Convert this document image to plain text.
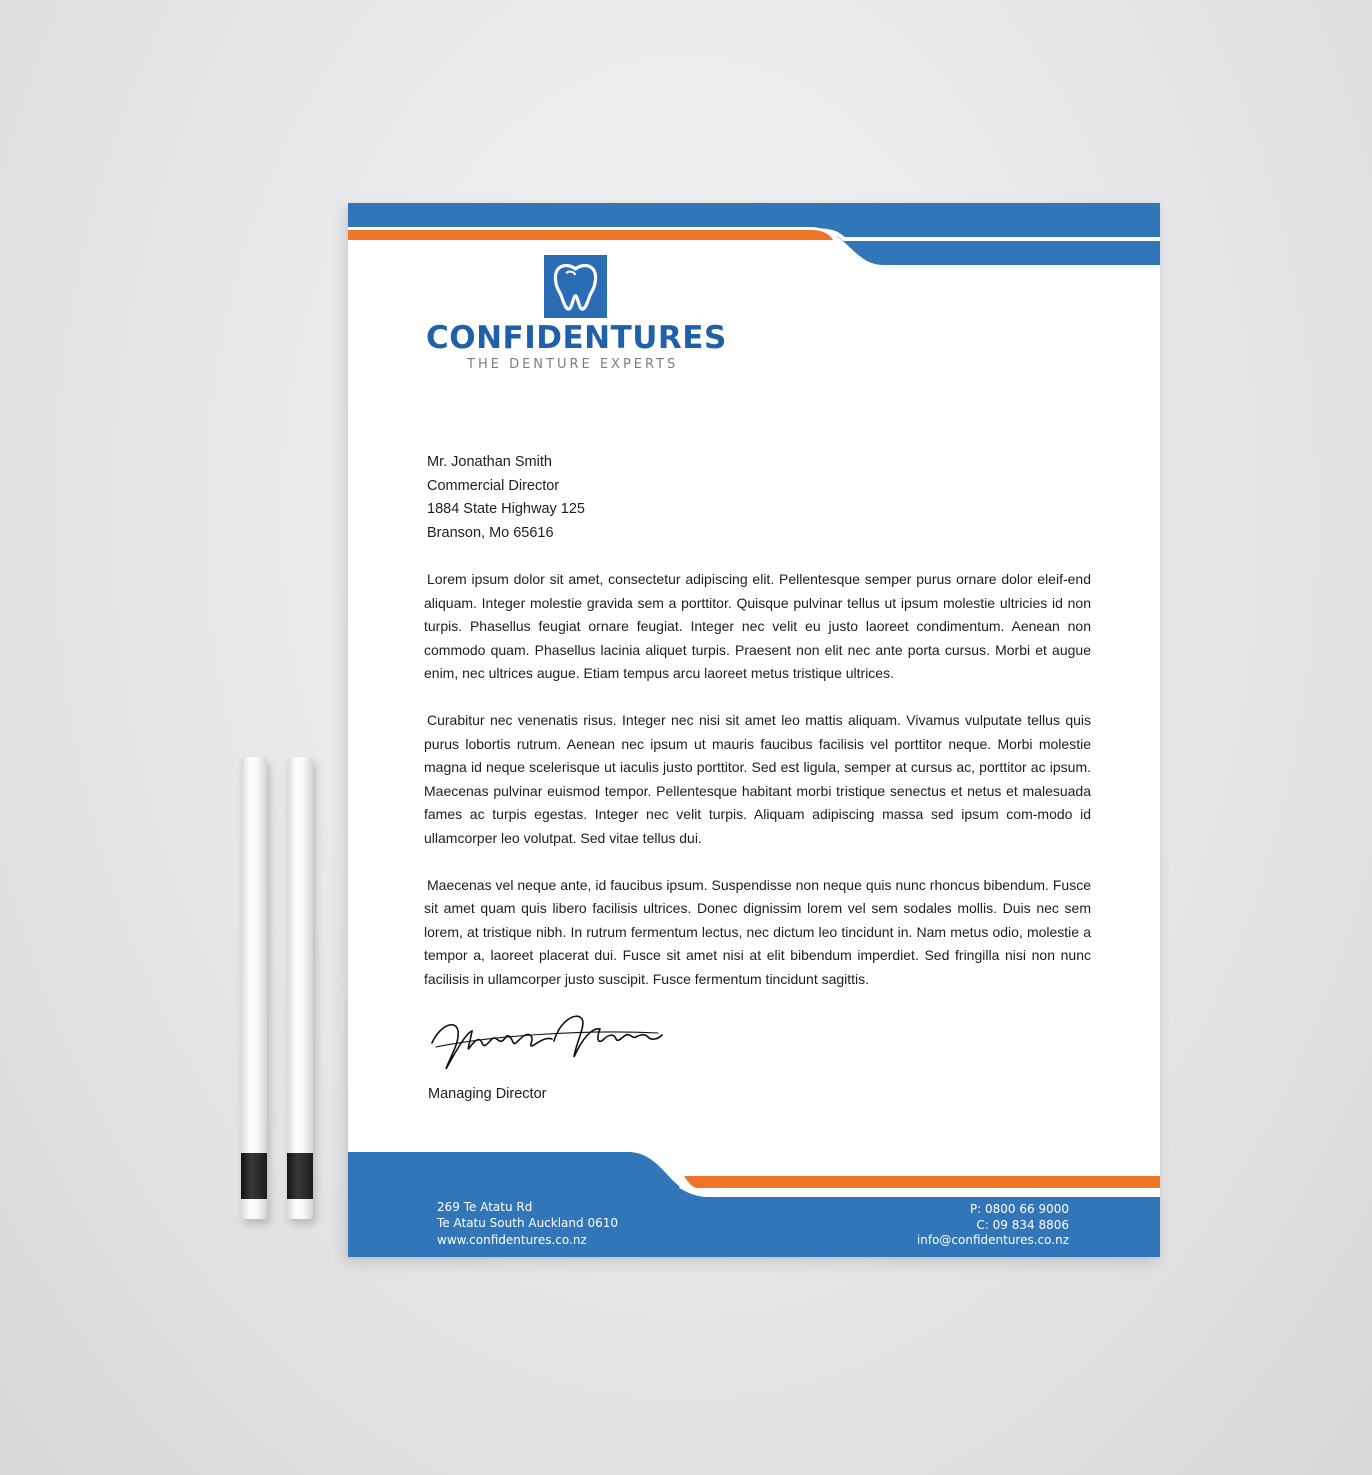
CONFIDENTURES
THE DENTURE EXPERTS
Mr. Jonathan Smith
Commercial Director
1884 State Highway 125
Branson, Mo 65616

Lorem ipsum dolor sit amet, consectetur adipiscing elit. Pellentesque semper purus ornare dolor eleif-end aliquam. Integer molestie gravida sem a porttitor. Quisque pulvinar tellus ut ipsum molestie ultricies id non turpis. Phasellus feugiat ornare feugiat. Integer nec velit eu justo laoreet condimentum. Aenean non commodo quam. Phasellus lacinia aliquet turpis. Praesent non elit nec ante porta cursus. Morbi et augue enim, nec ultrices augue. Etiam tempus arcu laoreet metus tristique ultrices.

Curabitur nec venenatis risus. Integer nec nisi sit amet leo mattis aliquam. Vivamus vulputate tellus quis purus lobortis rutrum. Aenean nec ipsum ut mauris faucibus facilisis vel porttitor neque. Morbi molestie magna id neque scelerisque ut iaculis justo porttitor. Sed est ligula, semper at cursus ac, porttitor ac ipsum. Maecenas pulvinar euismod tempor. Pellentesque habitant morbi tristique senectus et netus et malesuada fames ac turpis egestas. Integer nec velit turpis. Aliquam adipiscing massa sed ipsum com-modo id ullamcorper leo volutpat. Sed vitae tellus dui.

Maecenas vel neque ante, id faucibus ipsum. Suspendisse non neque quis nunc rhoncus bibendum. Fusce sit amet quam quis libero facilisis ultrices. Donec dignissim lorem vel sem sodales mollis. Duis nec sem lorem, at tristique nibh. In rutrum fermentum lectus, nec dictum leo tincidunt in. Nam metus odio, molestie a tempor a, laoreet placerat dui. Fusce sit amet nisi at elit bibendum imperdiet. Sed fringilla nisi non nunc facilisis in ullamcorper justo suscipit. Fusce fermentum tincidunt sagittis.

Managing Director
269 Te Atatu Rd
Te Atatu South Auckland 0610
www.confidentures.co.nz
P: 0800 66 9000
C: 09 834 8806
info@confidentures.co.nz
